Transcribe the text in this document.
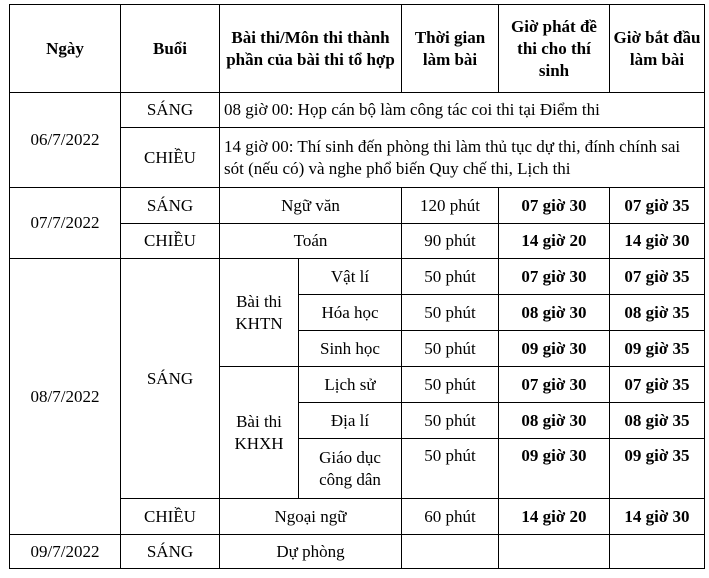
Ngày	Buổi	Bài thi/Môn thi thành phần của bài thi tổ hợp		Thời gian làm bài	Giờ phát đề thi cho thí sinh	Giờ bắt đầu làm bài
06/7/2022	SÁNG	08 giờ 00: Họp cán bộ làm công tác coi thi tại Điểm thi				
	CHIỀU	14 giờ 00: Thí sinh đến phòng thi làm thủ tục dự thi, đính chính sai sót (nếu có) và nghe phổ biến Quy chế thi, Lịch thi				
07/7/2022	SÁNG	Ngữ văn		120 phút	07 giờ 30	07 giờ 35
	CHIỀU	Toán		90 phút	14 giờ 20	14 giờ 30
08/7/2022	SÁNG	Bài thi KHTN	Vật lí	50 phút	07 giờ 30	07 giờ 35
			Hóa học	50 phút	08 giờ 30	08 giờ 35
			Sinh học	50 phút	09 giờ 30	09 giờ 35
		Bài thi KHXH	Lịch sử	50 phút	07 giờ 30	07 giờ 35
			Địa lí	50 phút	08 giờ 30	08 giờ 35
			Giáo dục công dân	50 phút	09 giờ 30	09 giờ 35
	CHIỀU	Ngoại ngữ		60 phút	14 giờ 20	14 giờ 30
09/7/2022	SÁNG	Dự phòng				
